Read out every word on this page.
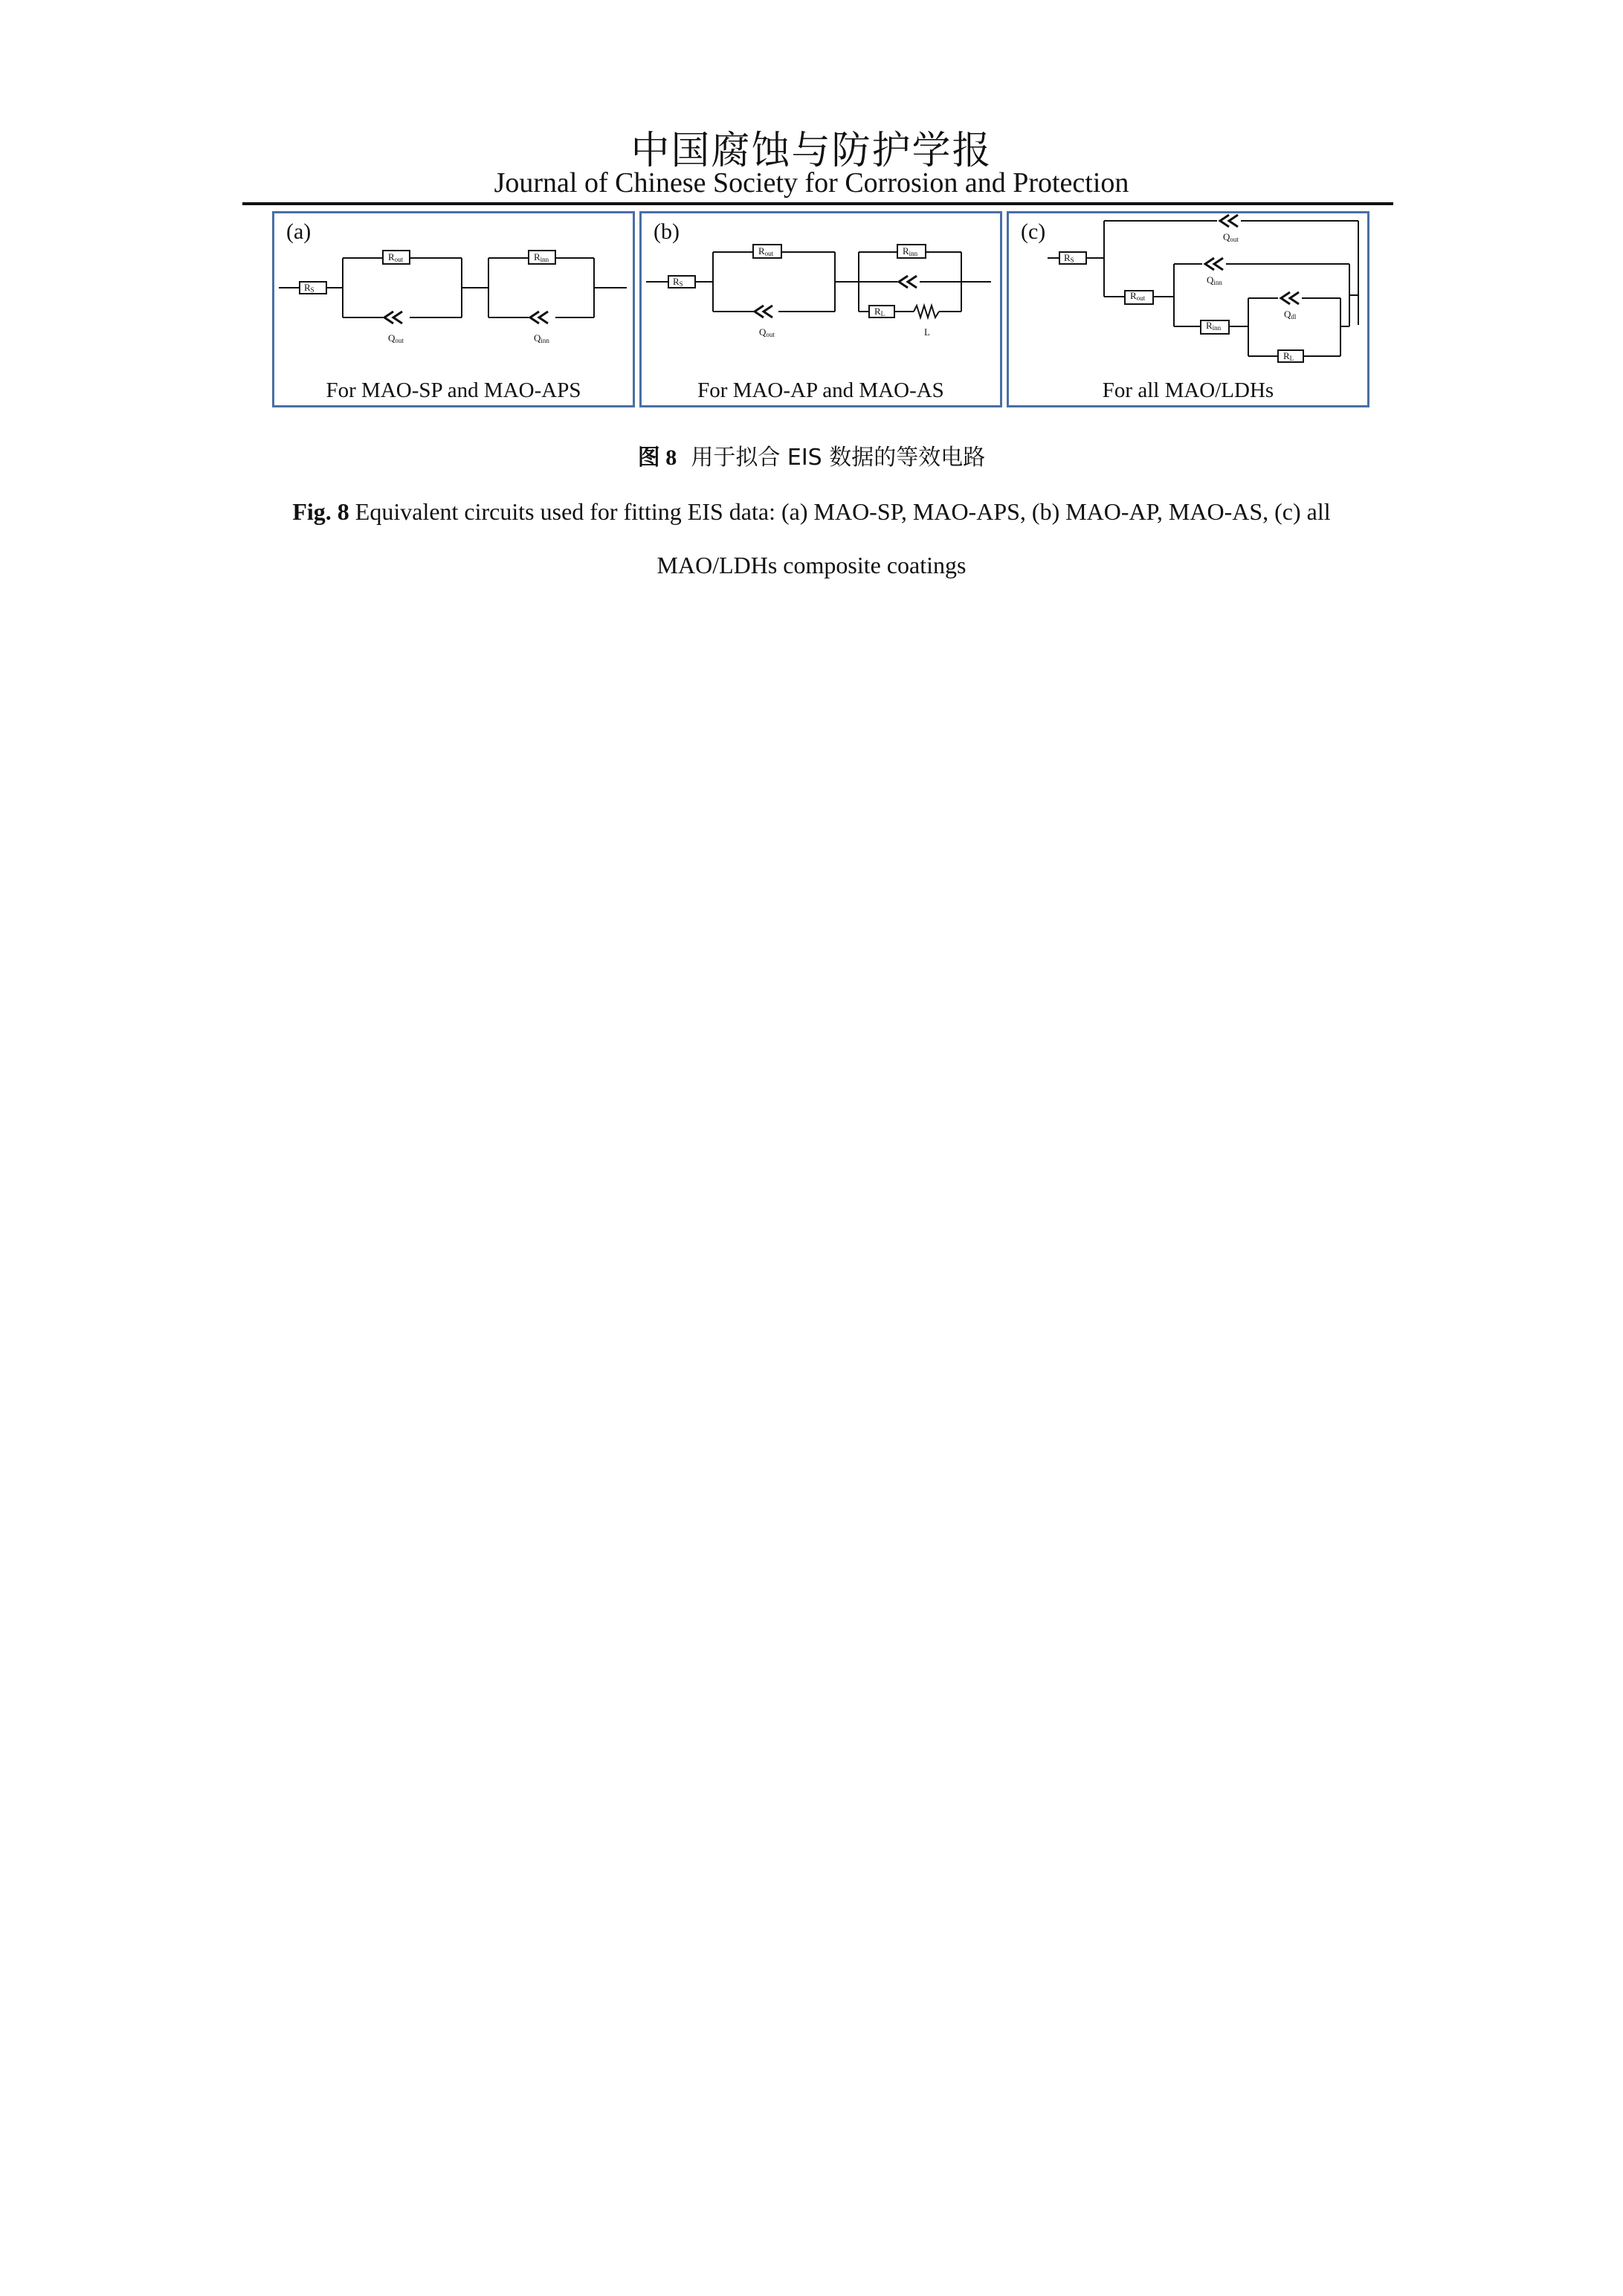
中国腐蚀与防护学报
Journal of Chinese Society for Corrosion and Protection
RS
Rout	Rinn
Qout	Qinn
(a)
For MAO-SP and MAO-APS
RS
Rout	Rinn
Qout
RL
L
(b)
For MAO-AP and MAO-AS
RS
Rout
Rinn
Qout
Qinn
Qdl
RL
(c)
For all MAO/LDHs
图 8 用于拟合 EIS 数据的等效电路
Fig. 8 Equivalent circuits used for fitting EIS data: (a) MAO-SP, MAO-APS, (b) MAO-AP, MAO-AS, (c) all
MAO/LDHs composite coatings
